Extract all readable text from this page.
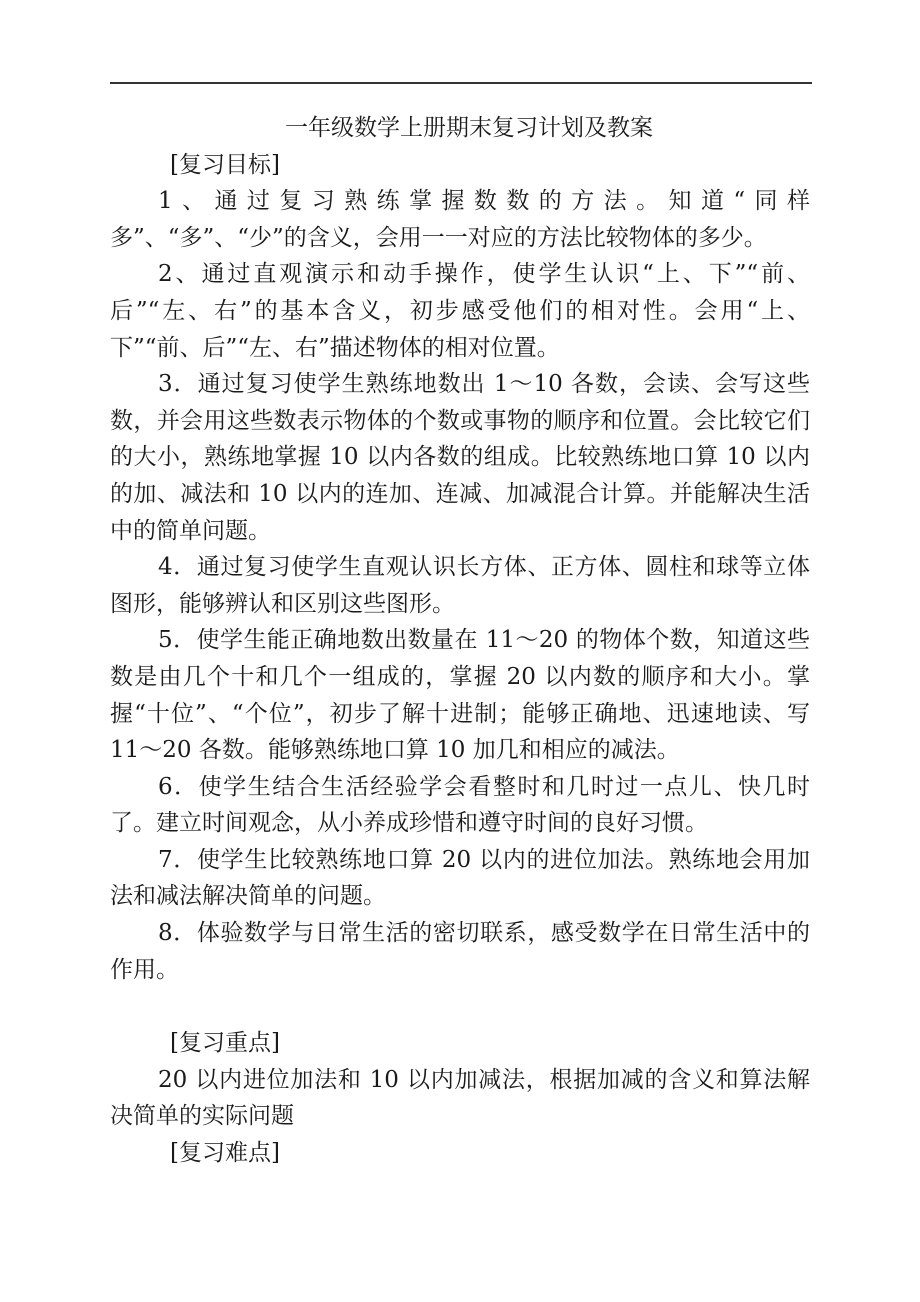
一年级数学上册期末复习计划及教案

[复习目标]

1、通过复习熟练掌握数数的方法。知道“同样多”、“多”、“少”的含义，会用一一对应的方法比较物体的多少。

2、通过直观演示和动手操作，使学生认识“上、下”“前、后”“左、右”的基本含义，初步感受他们的相对性。会用“上、下”“前、后”“左、右”描述物体的相对位置。

3．通过复习使学生熟练地数出 1～10 各数，会读、会写这些数，并会用这些数表示物体的个数或事物的顺序和位置。会比较它们的大小，熟练地掌握 10 以内各数的组成。比较熟练地口算 10 以内的加、减法和 10 以内的连加、连减、加减混合计算。并能解决生活中的简单问题。

4．通过复习使学生直观认识长方体、正方体、圆柱和球等立体图形，能够辨认和区别这些图形。

5．使学生能正确地数出数量在 11～20 的物体个数，知道这些数是由几个十和几个一组成的，掌握 20 以内数的顺序和大小。掌握“十位”、“个位”，初步了解十进制；能够正确地、迅速地读、写 11～20 各数。能够熟练地口算 10 加几和相应的减法。

6．使学生结合生活经验学会看整时和几时过一点儿、快几时了。建立时间观念，从小养成珍惜和遵守时间的良好习惯。

7．使学生比较熟练地口算 20 以内的进位加法。熟练地会用加法和减法解决简单的问题。

8．体验数学与日常生活的密切联系，感受数学在日常生活中的作用。

[复习重点]

20 以内进位加法和 10 以内加减法，根据加减的含义和算法解决简单的实际问题

[复习难点]
